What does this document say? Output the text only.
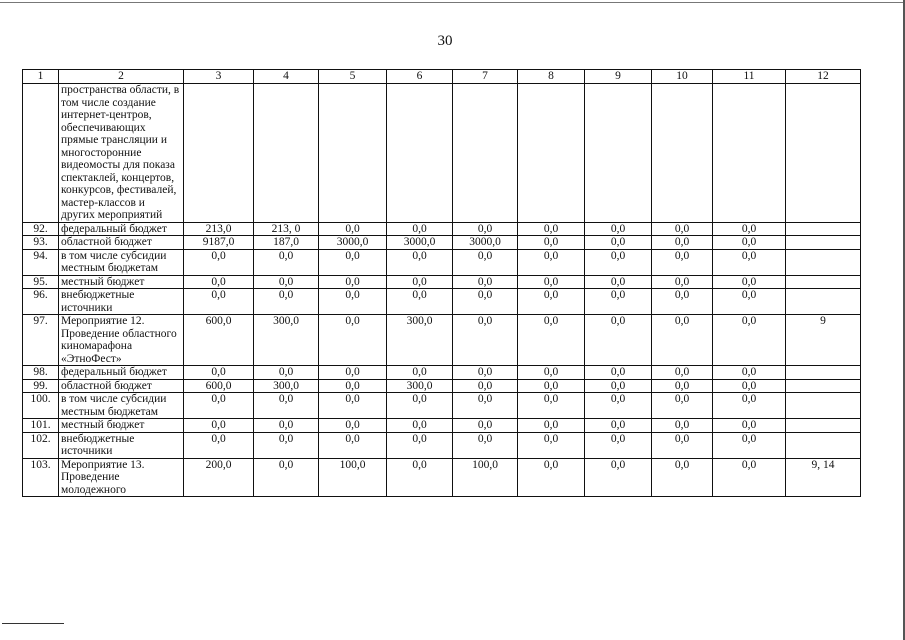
30
1	2	3	4	5	6	7	8	9	10	11	12
	пространства области, в том числе создание интернет-центров, обеспечивающих прямые трансляции и многосторонние видеомосты для показа спектаклей, концертов, конкурсов, фестивалей, мастер-классов и других мероприятий										
92.	федеральный бюджет	213,0	213, 0	0,0	0,0	0,0	0,0	0,0	0,0	0,0	
93.	областной бюджет	9187,0	187,0	3000,0	3000,0	3000,0	0,0	0,0	0,0	0,0	
94.	в том числе субсидии местным бюджетам	0,0	0,0	0,0	0,0	0,0	0,0	0,0	0,0	0,0	
95.	местный бюджет	0,0	0,0	0,0	0,0	0,0	0,0	0,0	0,0	0,0	
96.	внебюджетные источники	0,0	0,0	0,0	0,0	0,0	0,0	0,0	0,0	0,0	
97.	Мероприятие 12. Проведение областного киномарафона «ЭтноФест»	600,0	300,0	0,0	300,0	0,0	0,0	0,0	0,0	0,0	9
98.	федеральный бюджет	0,0	0,0	0,0	0,0	0,0	0,0	0,0	0,0	0,0	
99.	областной бюджет	600,0	300,0	0,0	300,0	0,0	0,0	0,0	0,0	0,0	
100.	в том числе субсидии местным бюджетам	0,0	0,0	0,0	0,0	0,0	0,0	0,0	0,0	0,0	
101.	местный бюджет	0,0	0,0	0,0	0,0	0,0	0,0	0,0	0,0	0,0	
102.	внебюджетные источники	0,0	0,0	0,0	0,0	0,0	0,0	0,0	0,0	0,0	
103.	Мероприятие 13. Проведение молодежного	200,0	0,0	100,0	0,0	100,0	0,0	0,0	0,0	0,0	9, 14
